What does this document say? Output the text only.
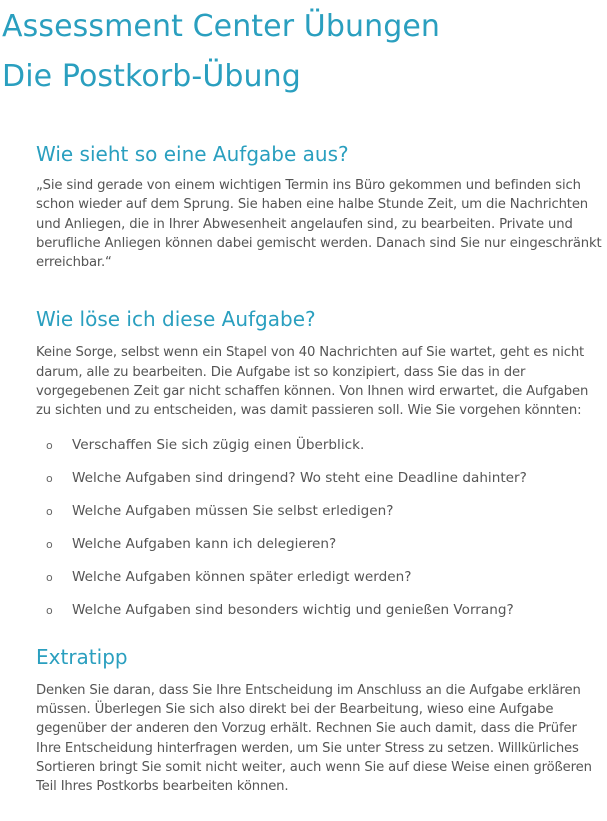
Assessment Center Übungen
Die Postkorb-Übung
Wie sieht so eine Aufgabe aus?

„Sie sind gerade von einem wichtigen Termin ins Büro gekommen und befinden sich schon wieder auf dem Sprung. Sie haben eine halbe Stunde Zeit, um die Nachrichten und Anliegen, die in Ihrer Abwesenheit angelaufen sind, zu bearbeiten. Private und berufliche Anliegen können dabei gemischt werden. Danach sind Sie nur eingeschränkt erreichbar.“

Wie löse ich diese Aufgabe?

Keine Sorge, selbst wenn ein Stapel von 40 Nachrichten auf Sie wartet, geht es nicht darum, alle zu bearbeiten. Die Aufgabe ist so konzipiert, dass Sie das in der vorgegebenen Zeit gar nicht schaffen können. Von Ihnen wird erwartet, die Aufgaben zu sichten und zu entscheiden, was damit passieren soll. Wie Sie vorgehen könnten:

o Verschaffen Sie sich zügig einen Überblick.
o Welche Aufgaben sind dringend? Wo steht eine Deadline dahinter?
o Welche Aufgaben müssen Sie selbst erledigen?
o Welche Aufgaben kann ich delegieren?
o Welche Aufgaben können später erledigt werden?
o Welche Aufgaben sind besonders wichtig und genießen Vorrang?
Extratipp

Denken Sie daran, dass Sie Ihre Entscheidung im Anschluss an die Aufgabe erklären müssen. Überlegen Sie sich also direkt bei der Bearbeitung, wieso eine Aufgabe gegenüber der anderen den Vorzug erhält. Rechnen Sie auch damit, dass die Prüfer Ihre Entscheidung hinterfragen werden, um Sie unter Stress zu setzen. Willkürliches Sortieren bringt Sie somit nicht weiter, auch wenn Sie auf diese Weise einen größeren Teil Ihres Postkorbs bearbeiten können.
